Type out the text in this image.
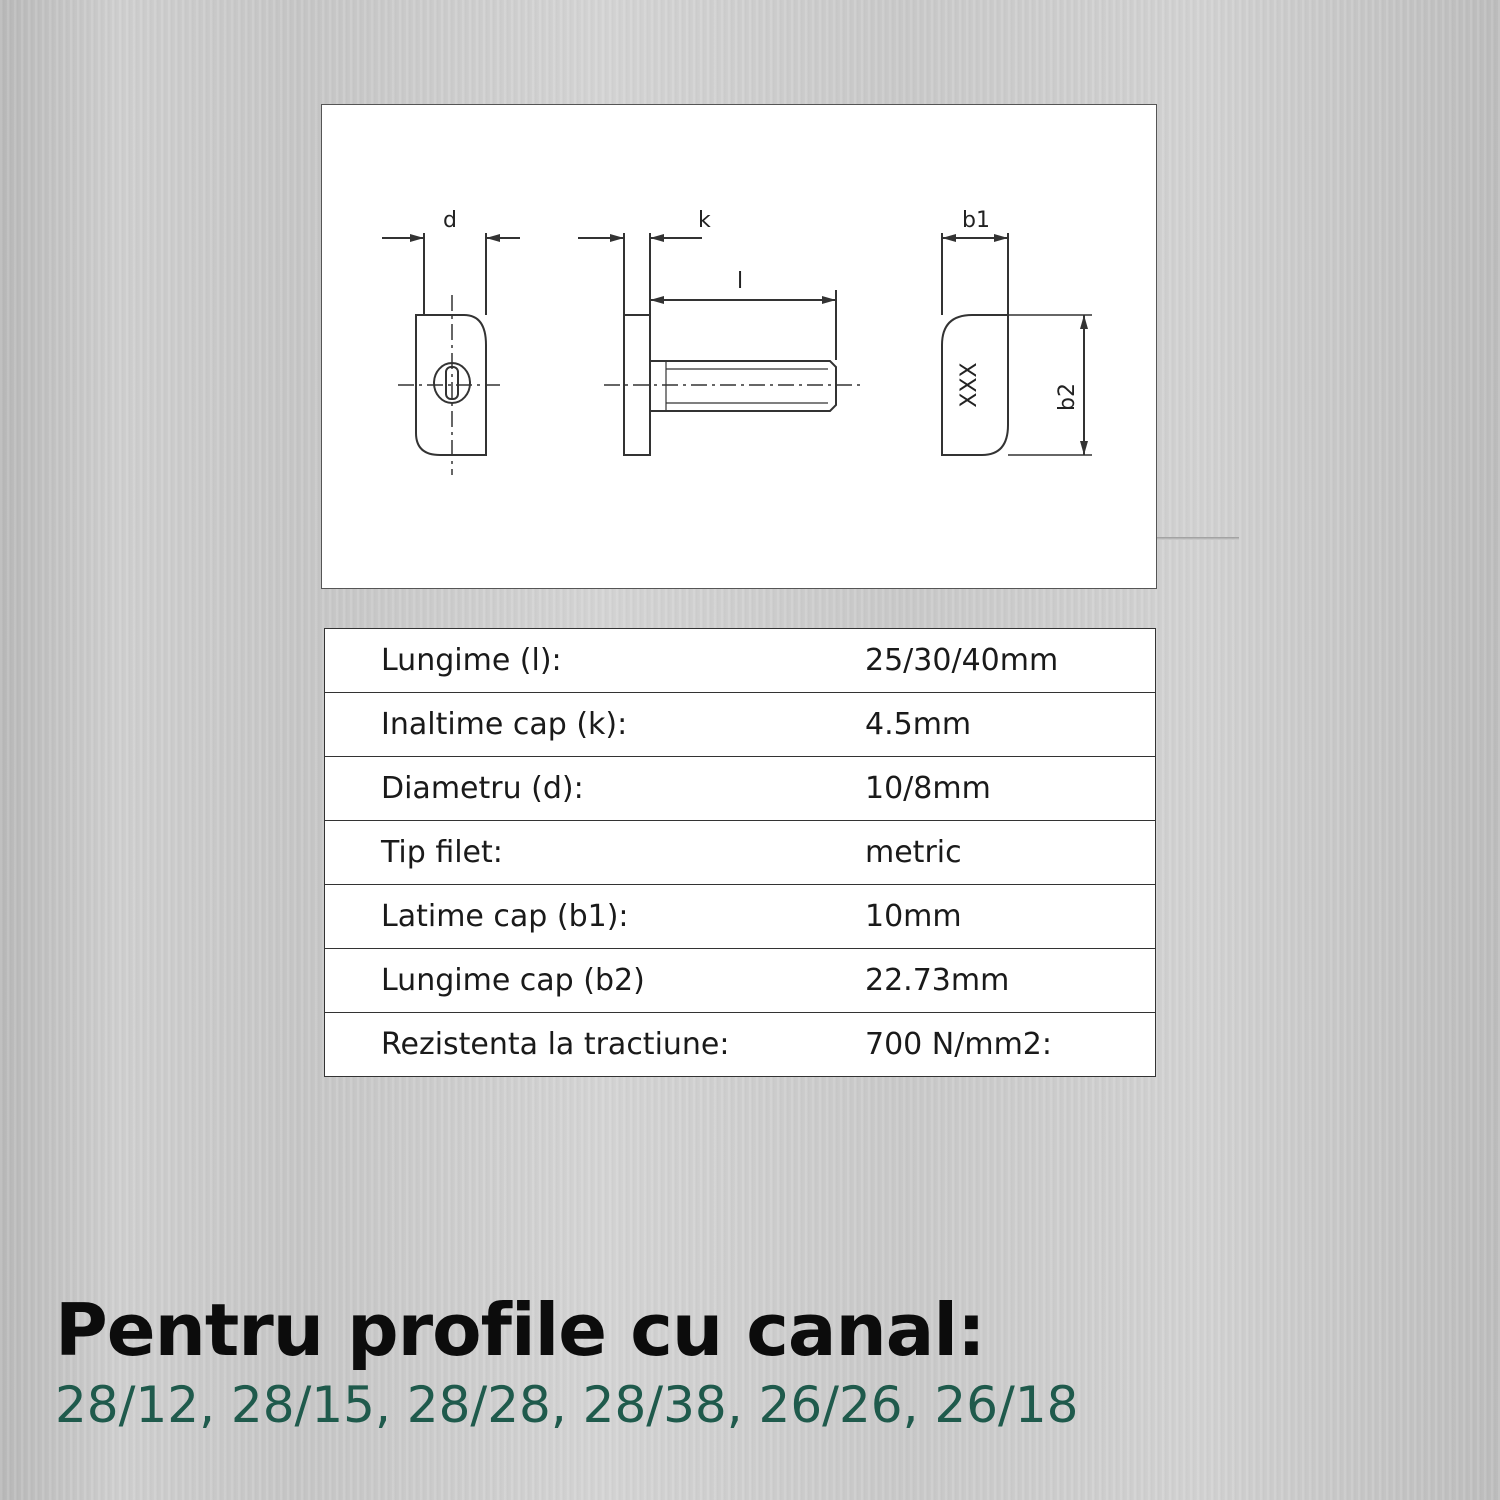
d	k
l
b1
b2
XXX
Lungime (l):	25/30/40mm
Inaltime cap (k):	4.5mm
Diametru (d):	10/8mm
Tip filet:	metric
Latime cap (b1):	10mm
Lungime cap (b2)	22.73mm
Rezistenta la tractiune:	700 N/mm2:
Pentru profile cu canal:
28/12, 28/15, 28/28, 28/38, 26/26, 26/18
